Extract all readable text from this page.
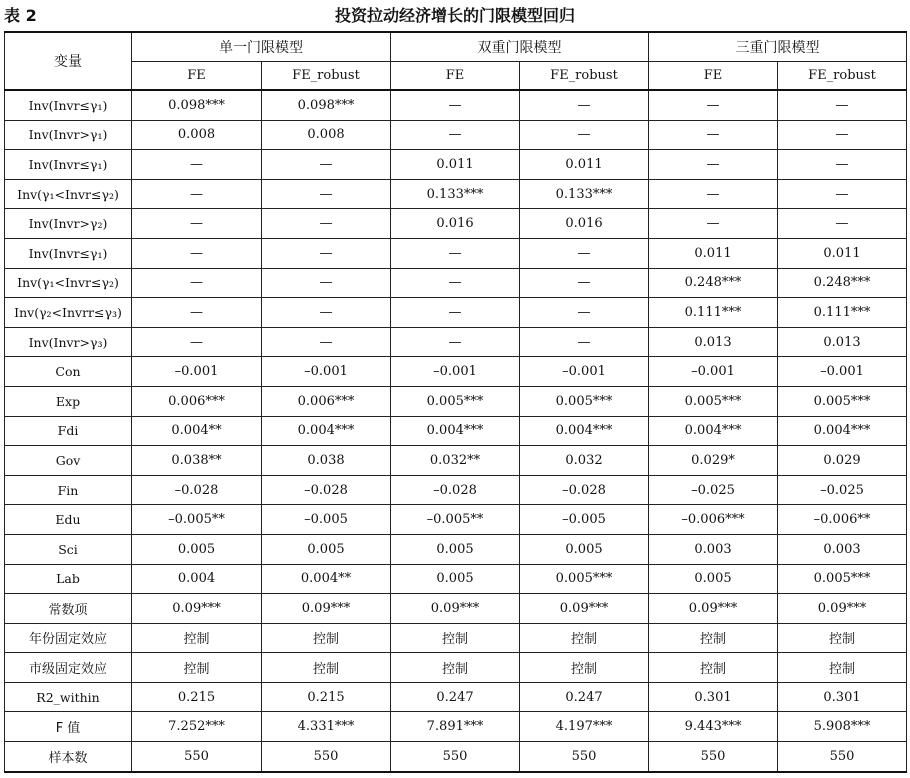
表 2	投资拉动经济增长的门限模型回归
变量	单一门限模型		双重门限模型		三重门限模型	
	FE	FE_robust	FE	FE_robust	FE	FE_robust
Inv(Invr≤γ₁)	0.098***	0.098***	—	—	—	—
Inv(Invr>γ₁)	0.008	0.008	—	—	—	—
Inv(Invr≤γ₁)	—	—	0.011	0.011	—	—
Inv(γ₁<Invr≤γ₂)	—	—	0.133***	0.133***	—	—
Inv(Invr>γ₂)	—	—	0.016	0.016	—	—
Inv(Invr≤γ₁)	—	—	—	—	0.011	0.011
Inv(γ₁<Invr≤γ₂)	—	—	—	—	0.248***	0.248***
Inv(γ₂<Invrr≤γ₃)	—	—	—	—	0.111***	0.111***
Inv(Invr>γ₃)	—	—	—	—	0.013	0.013
Con	–0.001	–0.001	–0.001	–0.001	–0.001	–0.001
Exp	0.006***	0.006***	0.005***	0.005***	0.005***	0.005***
Fdi	0.004**	0.004***	0.004***	0.004***	0.004***	0.004***
Gov	0.038**	0.038	0.032**	0.032	0.029*	0.029
Fin	–0.028	–0.028	–0.028	–0.028	–0.025	–0.025
Edu	–0.005**	–0.005	–0.005**	–0.005	–0.006***	–0.006**
Sci	0.005	0.005	0.005	0.005	0.003	0.003
Lab	0.004	0.004**	0.005	0.005***	0.005	0.005***
常数项	0.09***	0.09***	0.09***	0.09***	0.09***	0.09***
年份固定效应	控制	控制	控制	控制	控制	控制
市级固定效应	控制	控制	控制	控制	控制	控制
R2_within	0.215	0.215	0.247	0.247	0.301	0.301
F 值	7.252***	4.331***	7.891***	4.197***	9.443***	5.908***
样本数	550	550	550	550	550	550
